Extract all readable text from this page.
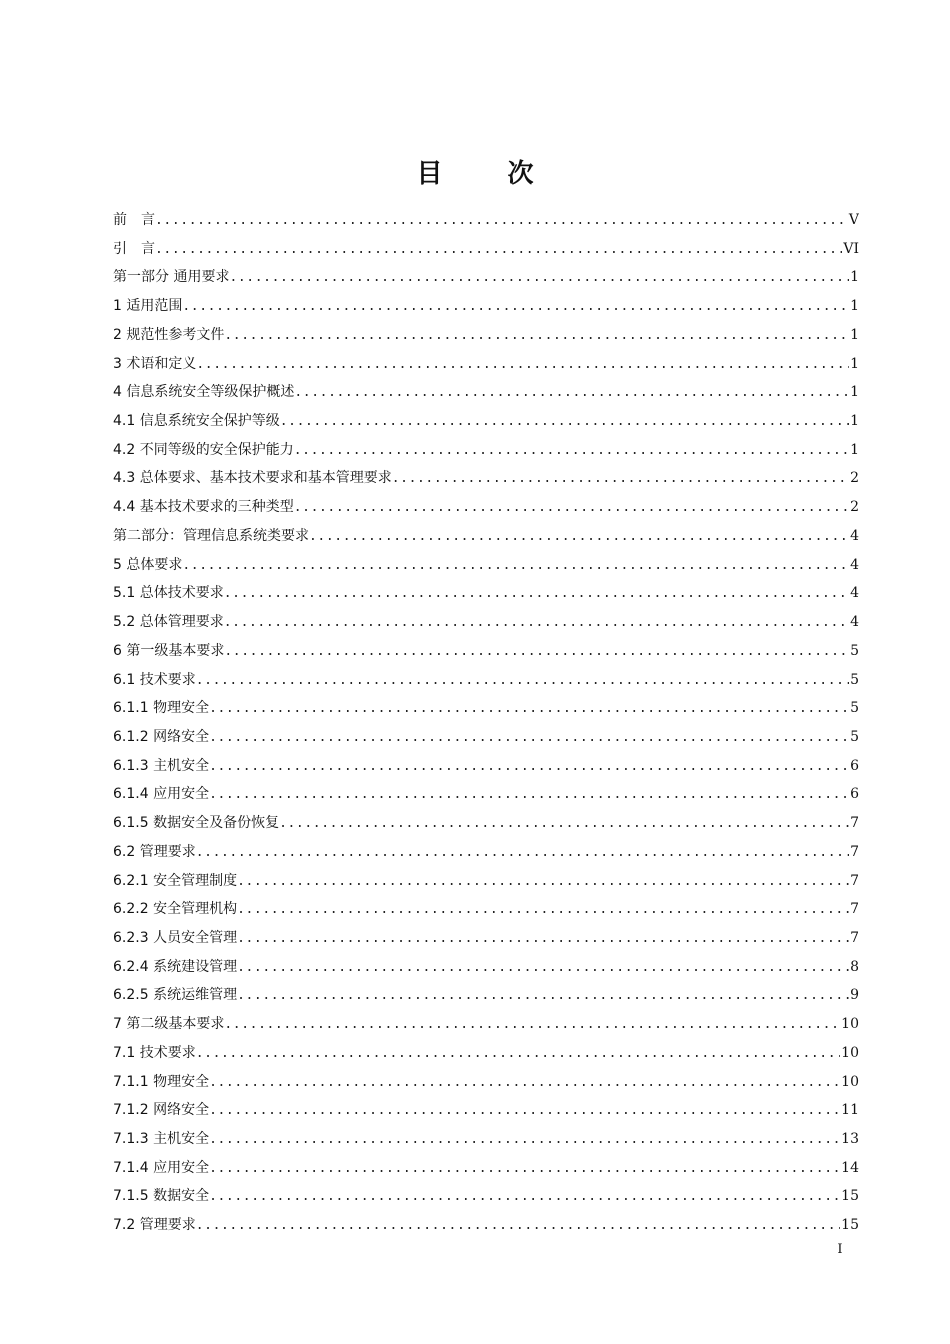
目 次
前　言 .....	V
引　言 .....	VI
第一部分 通用要求 .....	1
1 适用范围 .....	1
2 规范性参考文件 .....	1
3 术语和定义 .....	1
4 信息系统安全等级保护概述 .....	1
4.1 信息系统安全保护等级 .....	1
4.2 不同等级的安全保护能力 .....	1
4.3 总体要求、基本技术要求和基本管理要求 .....	2
4.4 基本技术要求的三种类型 .....	2
第二部分：管理信息系统类要求 .....	4
5 总体要求 .....	4
5.1 总体技术要求 .....	4
5.2 总体管理要求 .....	4
6 第一级基本要求 .....	5
6.1 技术要求 .....	5
6.1.1 物理安全 .....	5
6.1.2 网络安全 .....	5
6.1.3 主机安全 .....	6
6.1.4 应用安全 .....	6
6.1.5 数据安全及备份恢复 .....	7
6.2 管理要求 .....	7
6.2.1 安全管理制度 .....	7
6.2.2 安全管理机构 .....	7
6.2.3 人员安全管理 .....	7
6.2.4 系统建设管理 .....	8
6.2.5 系统运维管理 .....	9
7 第二级基本要求 .....	10
7.1 技术要求 .....	10
7.1.1 物理安全 .....	10
7.1.2 网络安全 .....	11
7.1.3 主机安全 .....	13
7.1.4 应用安全 .....	14
7.1.5 数据安全 .....	15
7.2 管理要求 .....	15
I
